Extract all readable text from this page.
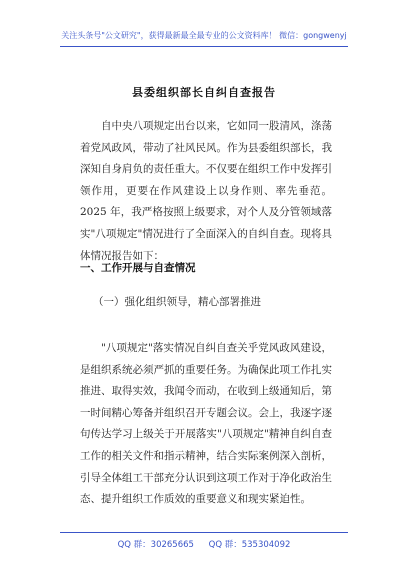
关注头条号"公文研究"，获得最新最全最专业的公文资料库！ 微信：gongwenyj
县委组织部长自纠自查报告

自中央八项规定出台以来，它如同一股清风，涤荡着党风政风，带动了社风民风。作为县委组织部长，我深知自身肩负的责任重大。不仅要在组织工作中发挥引领作用，更要在作风建设上以身作则、率先垂范。2025 年，我严格按照上级要求，对个人及分管领域落实"八项规定"情况进行了全面深入的自纠自查。现将具体情况报告如下：

一、工作开展与自查情况
（一）强化组织领导，精心部署推进

"八项规定"落实情况自纠自查关乎党风政风建设，是组织系统必须严抓的重要任务。为确保此项工作扎实推进、取得实效，我闻令而动，在收到上级通知后，第一时间精心筹备并组织召开专题会议。会上，我逐字逐句传达学习上级关于开展落实"八项规定"精神自纠自查工作的相关文件和指示精神，结合实际案例深入剖析，引导全体组工干部充分认识到这项工作对于净化政治生态、提升组织工作质效的重要意义和现实紧迫性。

QQ 群：30265665 QQ 群：535304092
